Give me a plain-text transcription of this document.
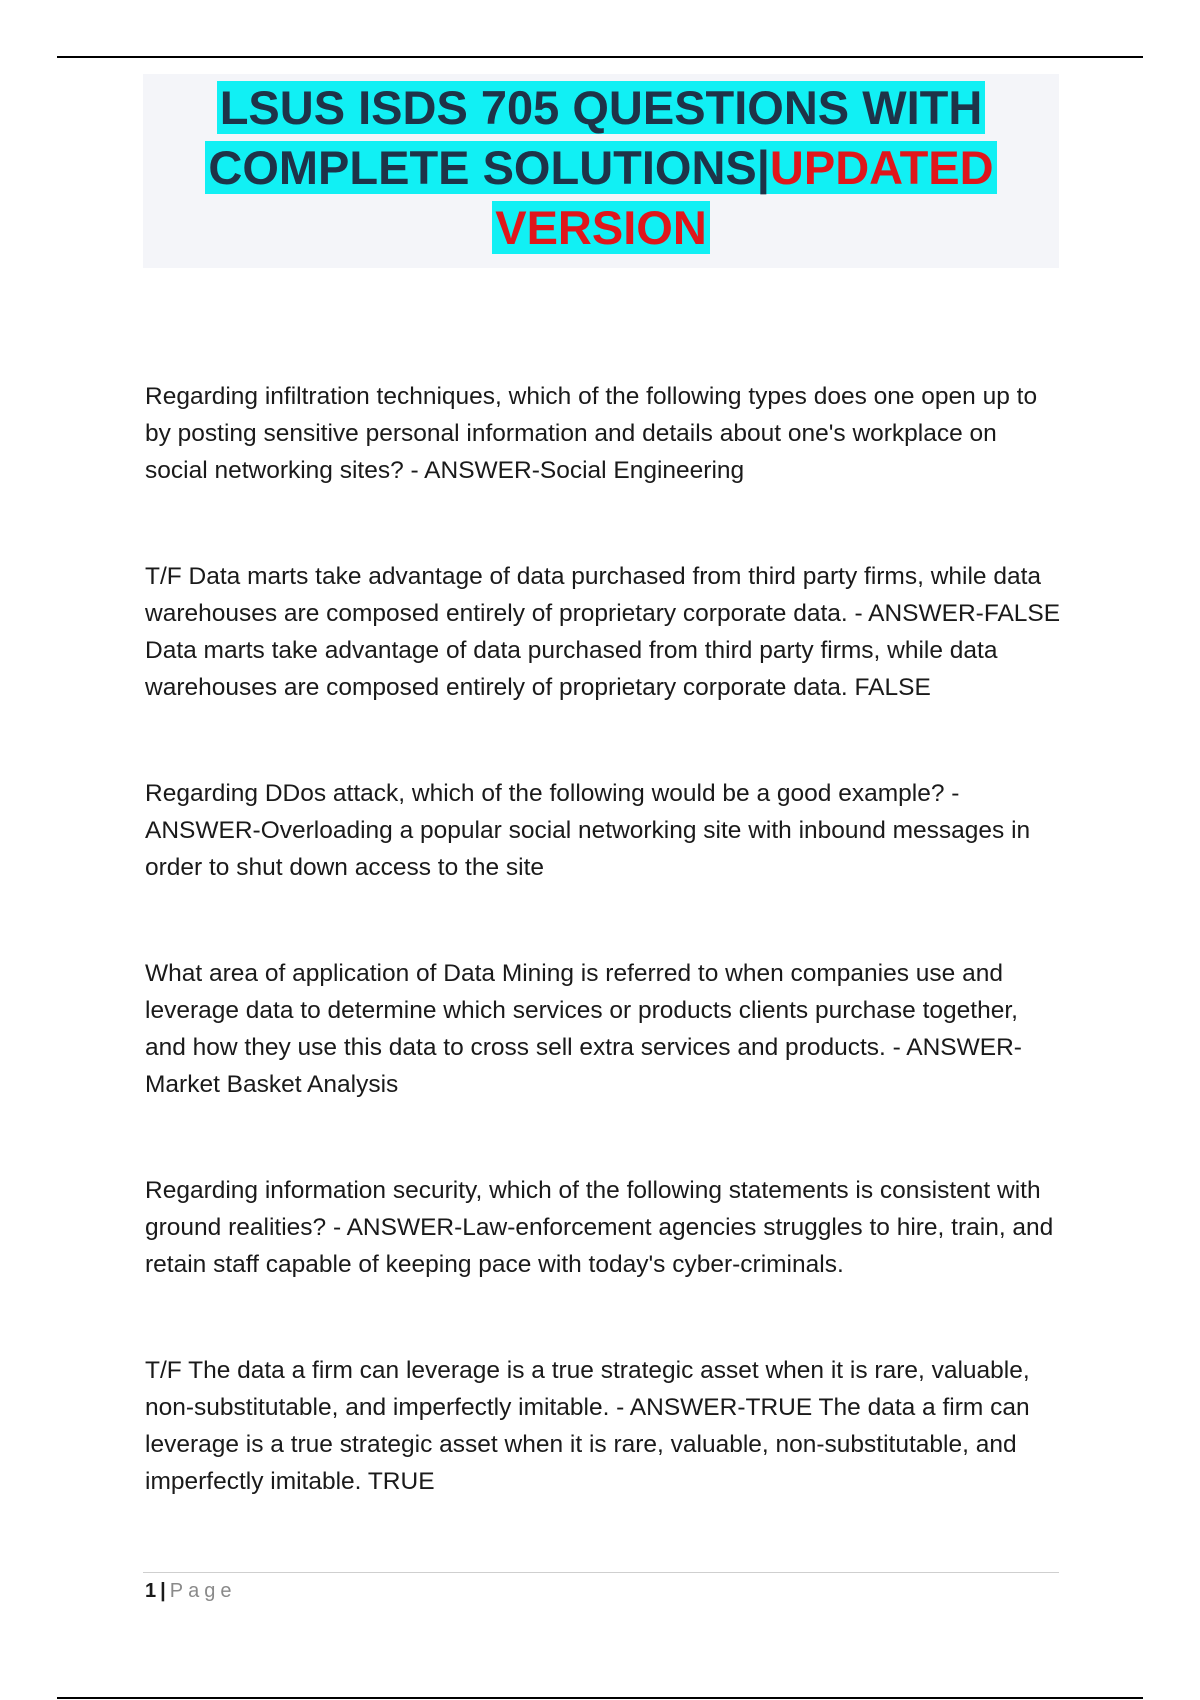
LSUS ISDS 705 QUESTIONS WITH
COMPLETE SOLUTIONS|UPDATED
VERSION

Regarding infiltration techniques, which of the following types does one open up to by posting sensitive personal information and details about one's workplace on social networking sites? - ANSWER-Social Engineering

T/F Data marts take advantage of data purchased from third party firms, while data warehouses are composed entirely of proprietary corporate data. - ANSWER-FALSE Data marts take advantage of data purchased from third party firms, while data warehouses are composed entirely of proprietary corporate data. FALSE

Regarding DDos attack, which of the following would be a good example? - ANSWER-Overloading a popular social networking site with inbound messages in order to shut down access to the site

What area of application of Data Mining is referred to when companies use and leverage data to determine which services or products clients purchase together, and how they use this data to cross sell extra services and products. - ANSWER-Market Basket Analysis

Regarding information security, which of the following statements is consistent with ground realities? - ANSWER-Law-enforcement agencies struggles to hire, train, and retain staff capable of keeping pace with today's cyber-criminals.

T/F The data a firm can leverage is a true strategic asset when it is rare, valuable, non-substitutable, and imperfectly imitable. - ANSWER-TRUE The data a firm can leverage is a true strategic asset when it is rare, valuable, non-substitutable, and imperfectly imitable. TRUE

1 | Page
